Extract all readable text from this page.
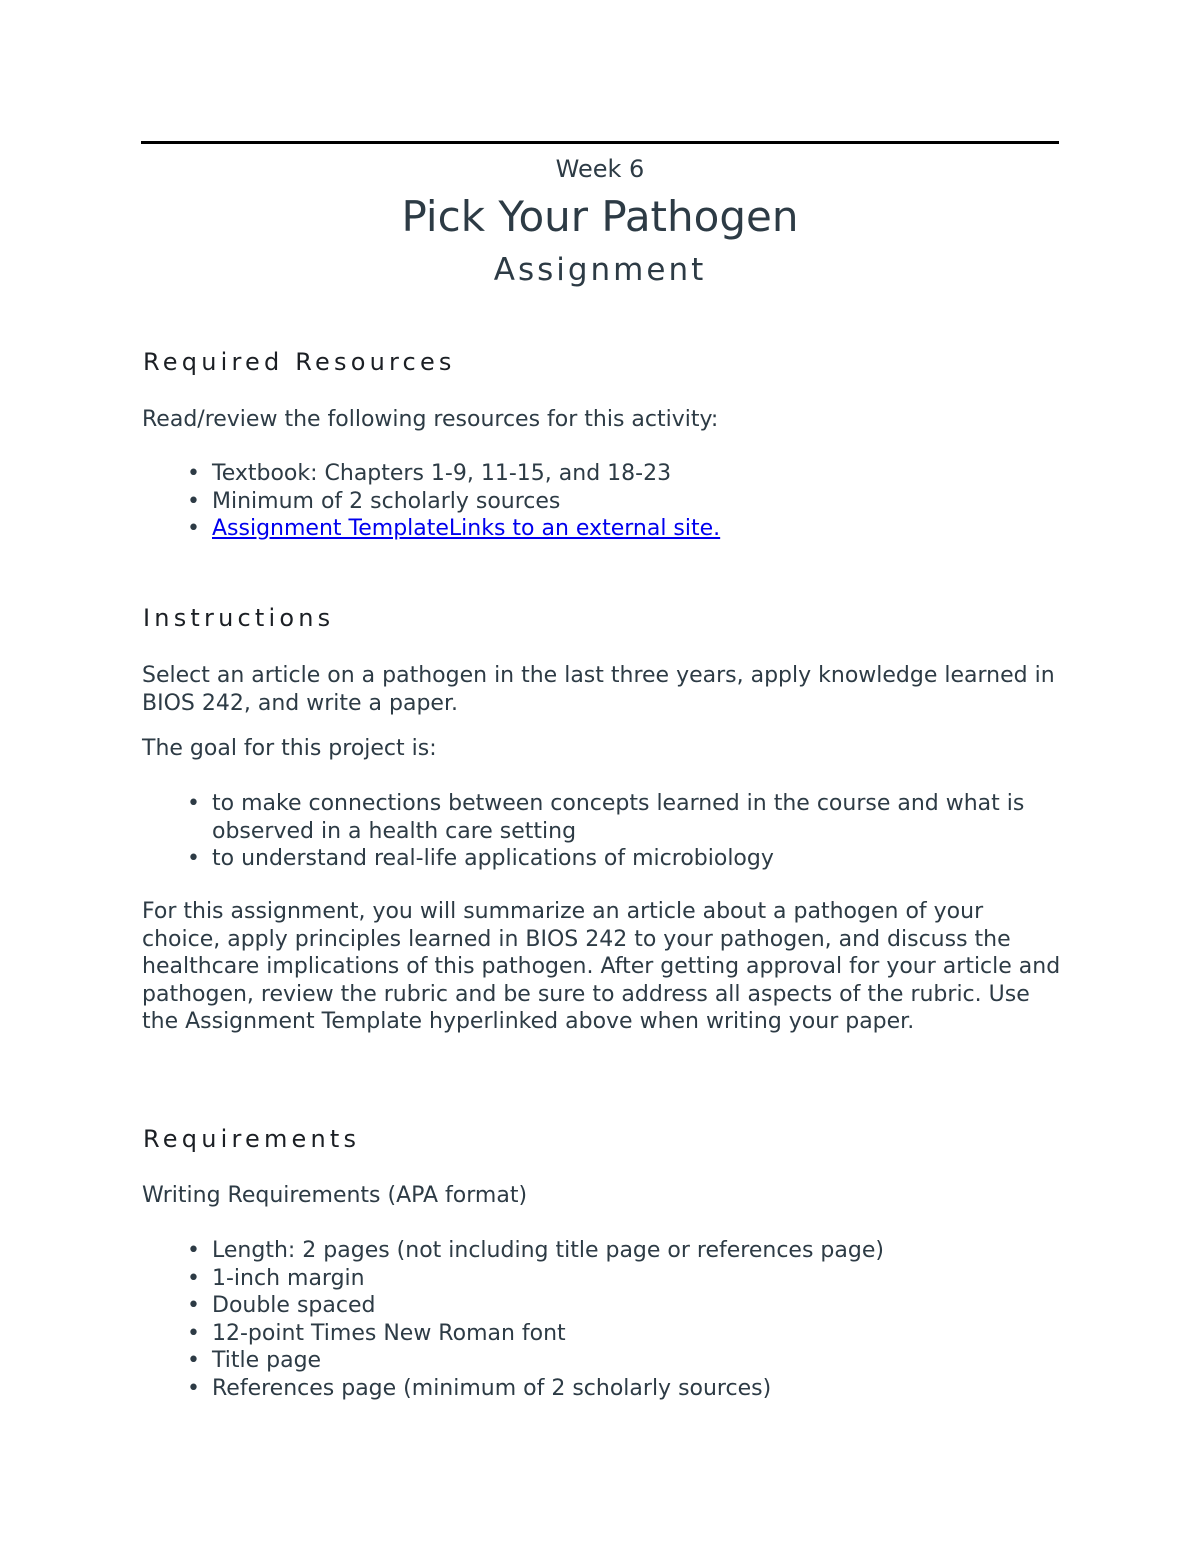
Week 6

Pick Your Pathogen

Assignment

Required Resources

Read/review the following resources for this activity:

• Textbook: Chapters 1-9, 11-15, and 18-23
• Minimum of 2 scholarly sources
• Assignment TemplateLinks to an external site.
Instructions

Select an article on a pathogen in the last three years, apply knowledge learned in BIOS 242, and write a paper.

The goal for this project is:

• to make connections between concepts learned in the course and what is observed in a health care setting
• to understand real-life applications of microbiology

For this assignment, you will summarize an article about a pathogen of your choice, apply principles learned in BIOS 242 to your pathogen, and discuss the healthcare implications of this pathogen. After getting approval for your article and pathogen, review the rubric and be sure to address all aspects of the rubric. Use the Assignment Template hyperlinked above when writing your paper.

Requirements

Writing Requirements (APA format)

• Length: 2 pages (not including title page or references page)
• 1-inch margin
• Double spaced
• 12-point Times New Roman font
• Title page
• References page (minimum of 2 scholarly sources)
